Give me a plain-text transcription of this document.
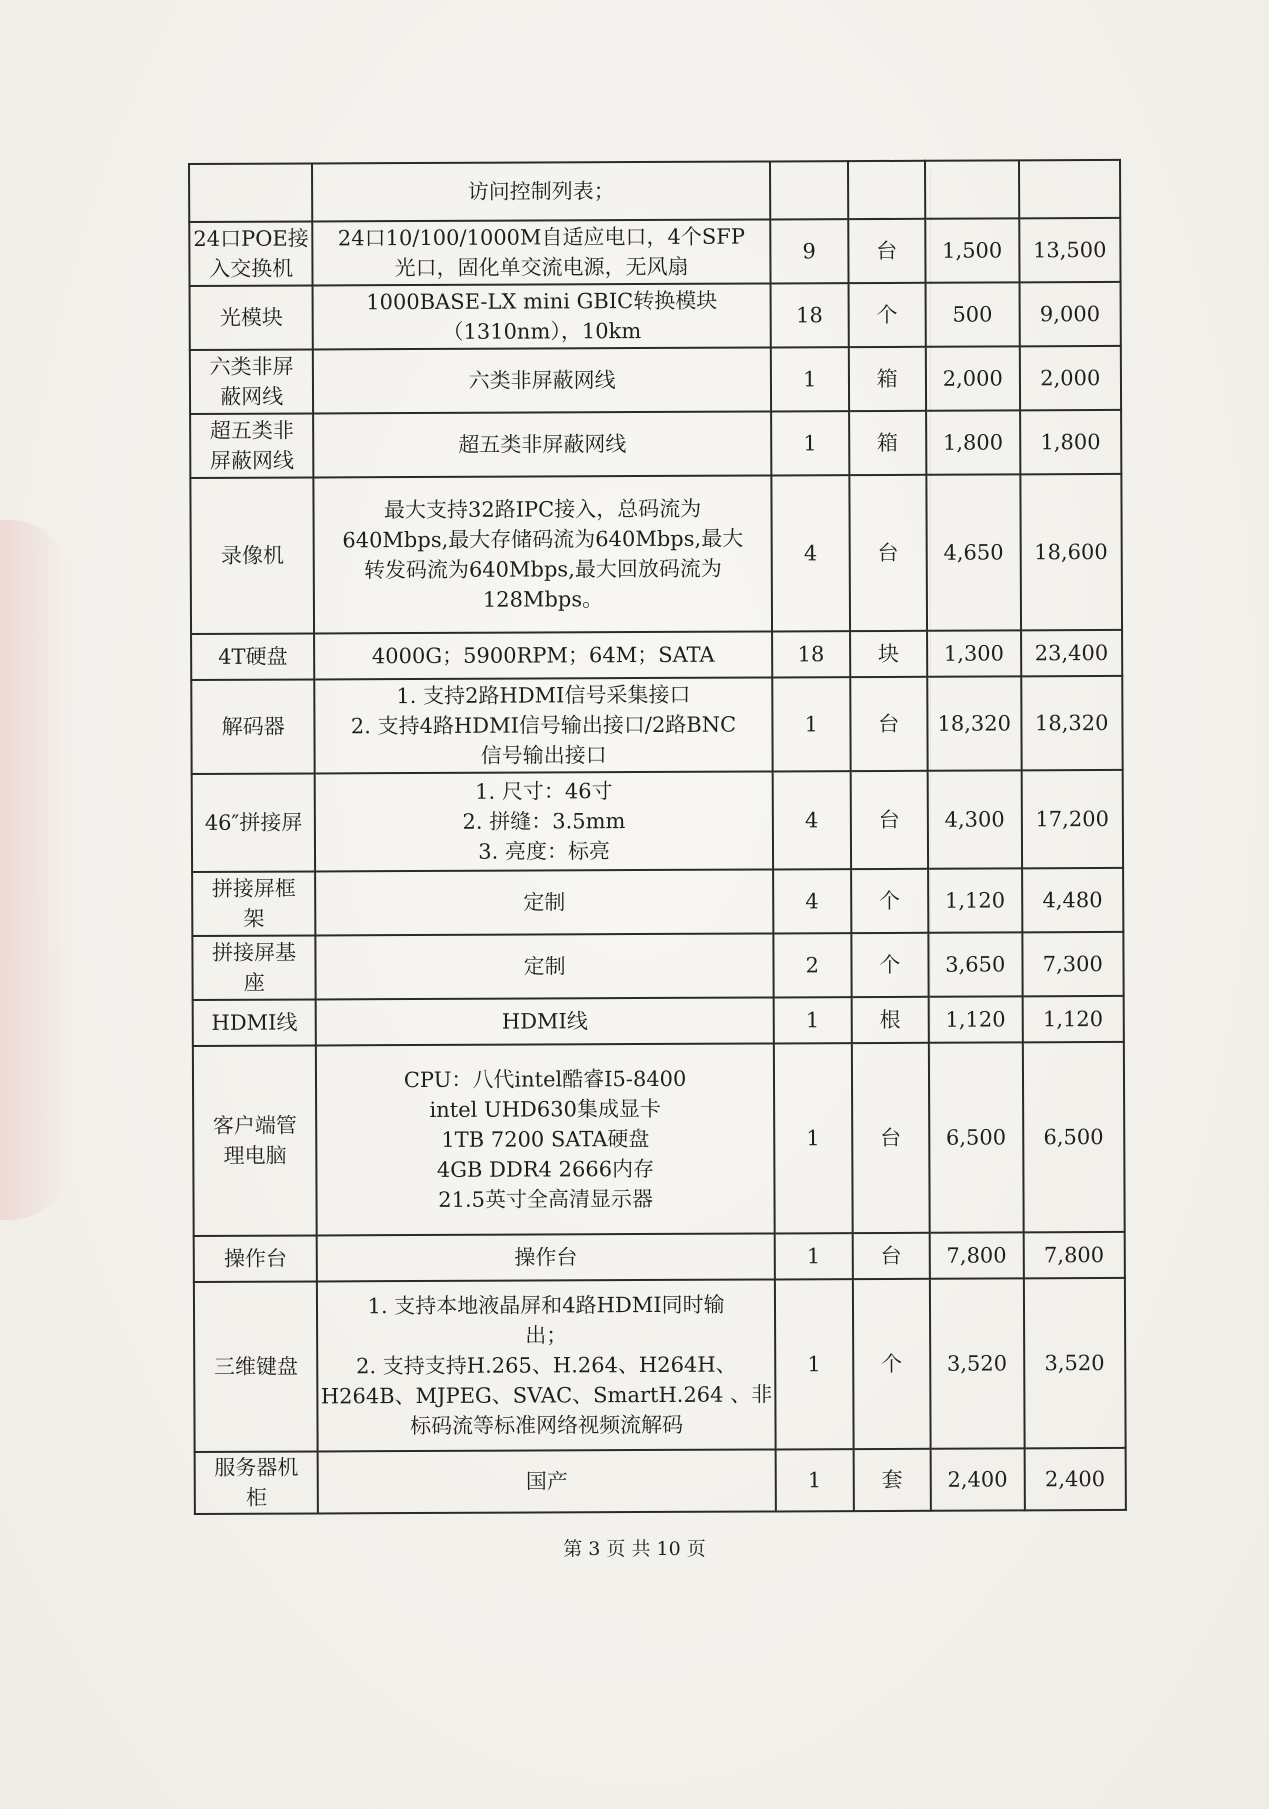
	访问控制列表；				

24口POE接
入交换机	24口10/100/1000M自适应电口，4个SFP
光口，固化单交流电源，无风扇	9	台	1,500	13,500

光模块	1000BASE-LX mini GBIC转换模块
（1310nm），10km	18	个	500	9,000

六类非屏
蔽网线	六类非屏蔽网线	1	箱	2,000	2,000

超五类非
屏蔽网线	超五类非屏蔽网线	1	箱	1,800	1,800

录像机	最大支持32路IPC接入，总码流为
640Mbps,最大存储码流为640Mbps,最大
转发码流为640Mbps,最大回放码流为
128Mbps。	4	台	4,650	18,600

4T硬盘	4000G；5900RPM；64M；SATA	18	块	1,300	23,400

解码器	1. 支持2路HDMI信号采集接口
2. 支持4路HDMI信号输出接口/2路BNC
信号输出接口	1	台	18,320	18,320

46″拼接屏	1. 尺寸：46寸
2. 拼缝：3.5mm
3. 亮度：标亮	4	台	4,300	17,200

拼接屏框
架	定制	4	个	1,120	4,480

拼接屏基
座	定制	2	个	3,650	7,300

HDMI线	HDMI线	1	根	1,120	1,120

客户端管
理电脑	CPU：八代intel酷睿I5-8400
intel UHD630集成显卡
1TB 7200 SATA硬盘
4GB DDR4 2666内存
21.5英寸全高清显示器	1	台	6,500	6,500

操作台	操作台	1	台	7,800	7,800

三维键盘	1. 支持本地液晶屏和4路HDMI同时输
出；
2. 支持支持H.265、H.264、H264H、
H264B、MJPEG、SVAC、SmartH.264 、非
标码流等标准网络视频流解码	1	个	3,520	3,520

服务器机
柜	国产	1	套	2,400	2,400
第 3 页 共 10 页
